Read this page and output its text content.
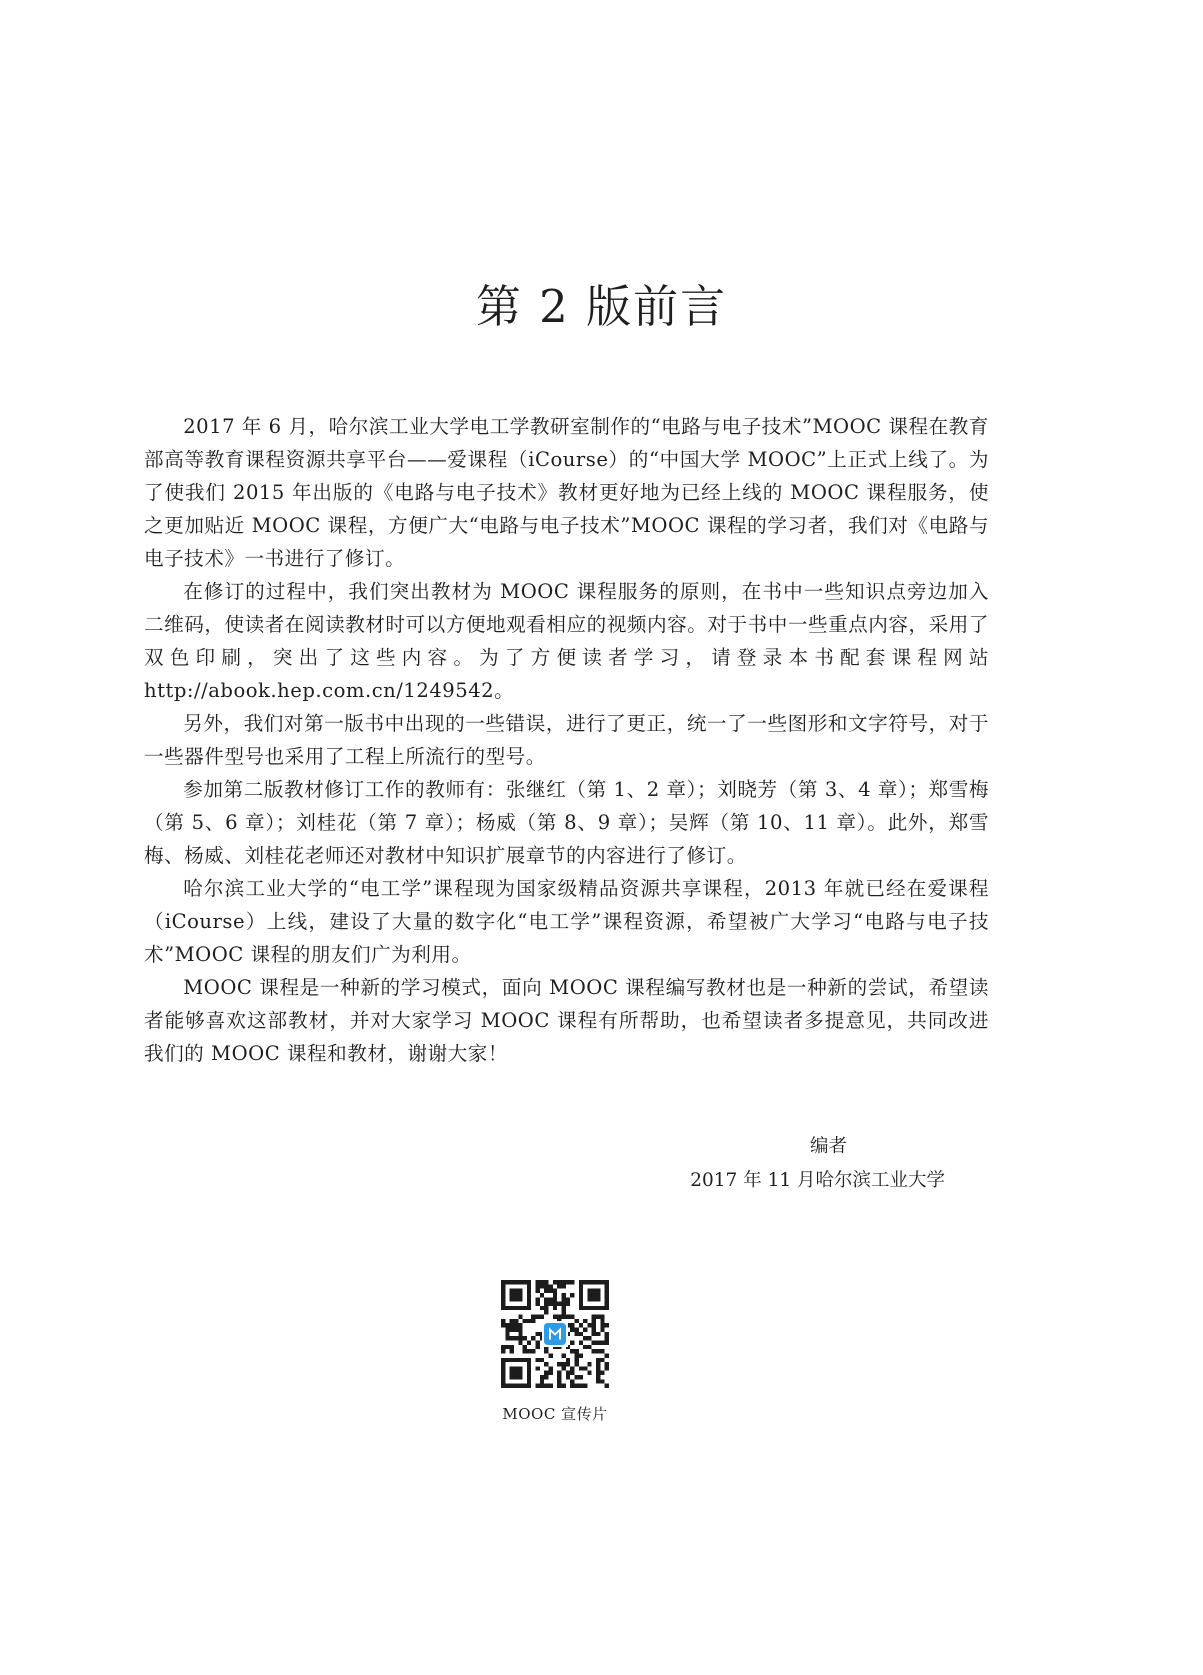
第 2 版前言

2017 年 6 月，哈尔滨工业大学电工学教研室制作的“电路与电子技术”MOOC 课程在教育部高等教育课程资源共享平台——爱课程（iCourse）的“中国大学 MOOC”上正式上线了。为了使我们 2015 年出版的《电路与电子技术》教材更好地为已经上线的 MOOC 课程服务，使之更加贴近 MOOC 课程，方便广大“电路与电子技术”MOOC 课程的学习者，我们对《电路与电子技术》一书进行了修订。

在修订的过程中，我们突出教材为 MOOC 课程服务的原则，在书中一些知识点旁边加入二维码，使读者在阅读教材时可以方便地观看相应的视频内容。对于书中一些重点内容，采用了双色印刷，突出了这些内容。为了方便读者学习，请登录本书配套课程网站 http://abook.hep.com.cn/1249542。

另外，我们对第一版书中出现的一些错误，进行了更正，统一了一些图形和文字符号，对于一些器件型号也采用了工程上所流行的型号。

参加第二版教材修订工作的教师有：张继红（第 1、2 章）；刘晓芳（第 3、4 章）；郑雪梅（第 5、6 章）；刘桂花（第 7 章）；杨威（第 8、9 章）；吴辉（第 10、11 章）。此外，郑雪梅、杨威、刘桂花老师还对教材中知识扩展章节的内容进行了修订。

哈尔滨工业大学的“电工学”课程现为国家级精品资源共享课程，2013 年就已经在爱课程（iCourse）上线，建设了大量的数字化“电工学”课程资源，希望被广大学习“电路与电子技术”MOOC 课程的朋友们广为利用。

MOOC 课程是一种新的学习模式，面向 MOOC 课程编写教材也是一种新的尝试，希望读者能够喜欢这部教材，并对大家学习 MOOC 课程有所帮助，也希望读者多提意见，共同改进我们的 MOOC 课程和教材，谢谢大家！

编者
2017 年 11 月哈尔滨工业大学
MOOC 宣传片
